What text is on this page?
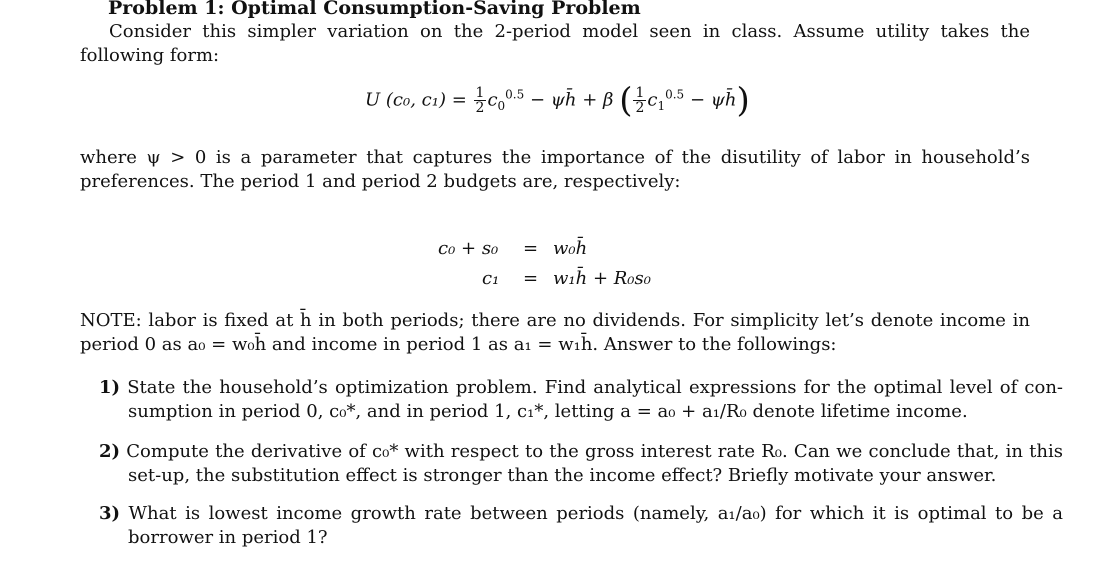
Problem 1: Optimal Consumption-Saving Problem
Consider this simpler variation on the 2-period model seen in class. Assume utility takes the following form:
U (c₀, $c_1) = \frac{1}{2} c_0^{0.5}$ − ψh̄ + β ( $\frac{1}{2} c_1^{0.5}$ − ψh̄)
where ψ > 0 is a parameter that captures the importance of the disutility of labor in household’s preferences. The period 1 and period 2 budgets are, respectively:
c₀ + s₀ = w₀h̄
c₁ = w₁h̄ + R₀s₀
NOTE: labor is fixed at h̄ in both periods; there are no dividends. For simplicity let’s denote income in period 0 as a₀ = w₀h̄ and income in period 1 as a₁ = w₁h̄. Answer to the followings:
1) State the household’s optimization problem. Find analytical expressions for the optimal level of con-sumption in period 0, c₀*, and in period 1, c₁*, letting a = a₀ + a₁/R₀ denote lifetime income.
2) Compute the derivative of c₀* with respect to the gross interest rate R₀. Can we conclude that, in this set-up, the substitution effect is stronger than the income effect? Briefly motivate your answer.
3) What is lowest income growth rate between periods (namely, a₁/a₀) for which it is optimal to be a borrower in period 1?
